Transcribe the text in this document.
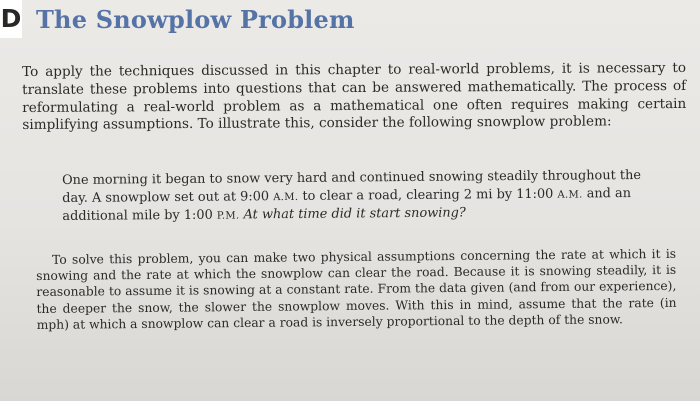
D The Snowplow Problem

To apply the techniques discussed in this chapter to real-world problems, it is necessary to translate these problems into questions that can be answered mathematically. The process of reformulating a real-world problem as a mathematical one often requires making certain simplifying assumptions. To illustrate this, consider the following snowplow problem:

One morning it began to snow very hard and continued snowing steadily throughout the day. A snowplow set out at 9:00 A.M. to clear a road, clearing 2 mi by 11:00 A.M. and an additional mile by 1:00 P.M. At what time did it start snowing?

To solve this problem, you can make two physical assumptions concerning the rate at which it is snowing and the rate at which the snowplow can clear the road. Because it is snowing steadily, it is reasonable to assume it is snowing at a constant rate. From the data given (and from our experience), the deeper the snow, the slower the snowplow moves. With this in mind, assume that the rate (in mph) at which a snowplow can clear a road is inversely proportional to the depth of the snow.
